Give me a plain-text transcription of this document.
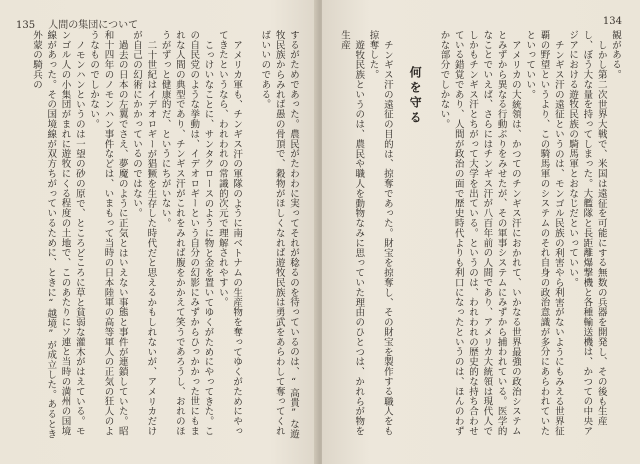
135 人間の集団について

するがためであった。農民がたわわに実ってそれが稔るのを待っているのは、“高貴”な遊牧民族からみれば愚の骨頂で、穀物がほしくなれば遊牧民族は勇武をあらわして奪ってくればいいのである。

アメリカ軍も、チンギス汗の軍隊のように南ベトナムの生産物を奪ってゆくがためにやってきたというなら、われわれの常識的次元で理解されやすい。

こっけいなことに、サンタクロースのように物と金を置いてゆくがためにやってきた。この自民党のような挙動は、イデオロギーという自分の幻影にみずからひっかかった世にもまれな人間の典型であり、チンギス汗がこれをみれば腹をかかえて笑うであろうし、おれのほうがずっと健康的だ、というにちがいない。

二十世紀はイデオロギーが猖獗を生存した時代だと思えるかもしれないが、アメリカだけが自己の幻術にかかっているのではない。

過去の日本の左翼でさえ、夢魔のように正気とはいえない事態と事件が連鎖していた。昭和十四年のノモンハン事件などは、いまもって当時の日本陸軍の高等軍人の正気の狂人のようなものでしかない。

ノモンハンというのは一望の砂の原で、ところどころに草と貧弱な灌木がはえている。モンゴル人の小集団がまれに遊牧にくる程度の土地で、このあたりにソ連と当時の満州の国境線があった。その国境線が双方ちがっているために、ときに“越境”が成立した。あるとき外蒙の騎兵の

134

観がある。

しかし第二次世界大戦で、米国は遠征を可能にする無数の兵器を開発し、その後も生産し、ぼう大な量を持ってしまった。大艦隊と長距離爆撃機と各種輸送機は、かつての中央アジアにおける遊牧民族の騎馬軍とおなじだといっていい。

チンギス汗の遠征というのは、モンゴル民族の利害やら利害がないようにもみえる世界征覇の野望というより、この騎馬軍のシステムのそれ自身の政治意識が多分にあらわれていたといっていい。

アメリカの大統領は、かつてのチンギス汗におかれて、いかなる世界最強の政治システムとみずから異なる行動ぶりをみせたが、その軍事システムにみずから捕われている。医学的なことでいえば、さらにはチンギス汗が八百年前の人間であり、アメリカ大統領は現代人でしかもチンギス汗とちがって大学を出ている。というのは、われわれの歴史的な持ち合わせている錯覚であり、人間が政治の面で歴史時代よりも利口になったというのは、ほんのわずかな部分でしかない。

何を守る

チンギス汗の遠征の目的は、掠奪であった。財宝を掠奪し、その財宝を製作する職人をも掠奪した。

遊牧民族というのは、農民や職人を動物なみに思っていた理由のひとつは、かれらが物を生産
